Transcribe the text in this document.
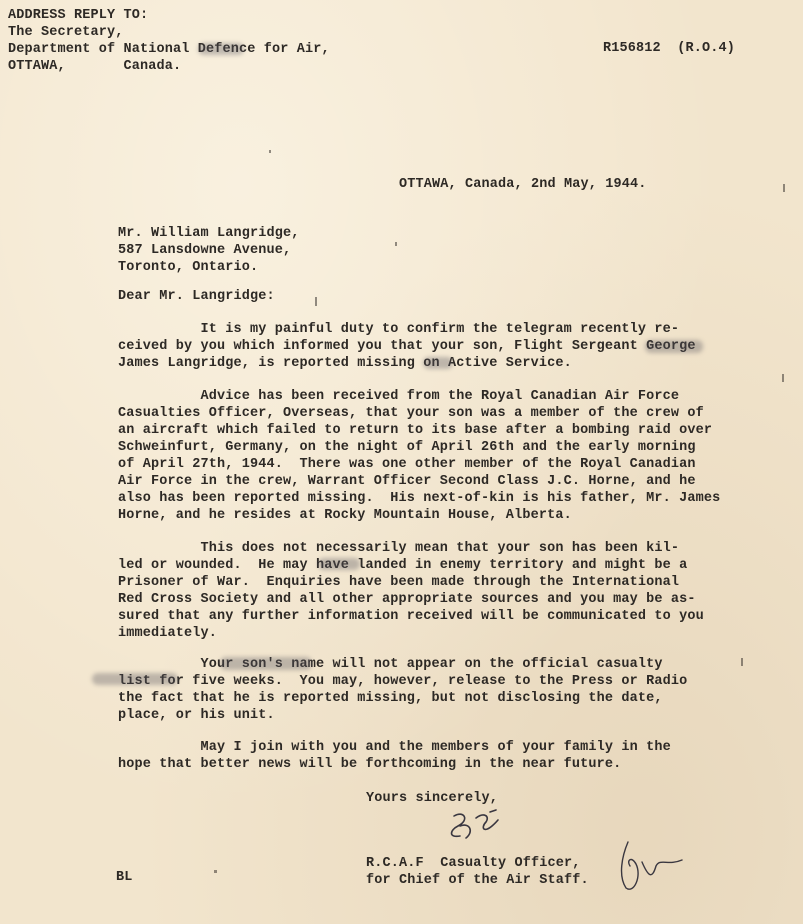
ADDRESS REPLY TO:
The Secretary,
Department of National Defence for Air,
OTTAWA,       Canada.
R156812  (R.O.4)
OTTAWA, Canada, 2nd May, 1944.
Mr. William Langridge,
587 Lansdowne Avenue,
Toronto, Ontario.
Dear Mr. Langridge:
It is my painful duty to confirm the telegram recently re-
ceived by you which informed you that your son, Flight Sergeant George
James Langridge, is reported missing on Active Service.
Advice has been received from the Royal Canadian Air Force
Casualties Officer, Overseas, that your son was a member of the crew of
an aircraft which failed to return to its base after a bombing raid over
Schweinfurt, Germany, on the night of April 26th and the early morning
of April 27th, 1944.  There was one other member of the Royal Canadian
Air Force in the crew, Warrant Officer Second Class J.C. Horne, and he
also has been reported missing.  His next-of-kin is his father, Mr. James
Horne, and he resides at Rocky Mountain House, Alberta.
This does not necessarily mean that your son has been kil-
led or wounded.  He may have landed in enemy territory and might be a
Prisoner of War.  Enquiries have been made through the International
Red Cross Society and all other appropriate sources and you may be as-
sured that any further information received will be communicated to you
immediately.
Your son's name will not appear on the official casualty
list for five weeks.  You may, however, release to the Press or Radio
the fact that he is reported missing, but not disclosing the date,
place, or his unit.
May I join with you and the members of your family in the
hope that better news will be forthcoming in the near future.
Yours sincerely,
R.C.A.F  Casualty Officer,
for Chief of the Air Staff.
BL
